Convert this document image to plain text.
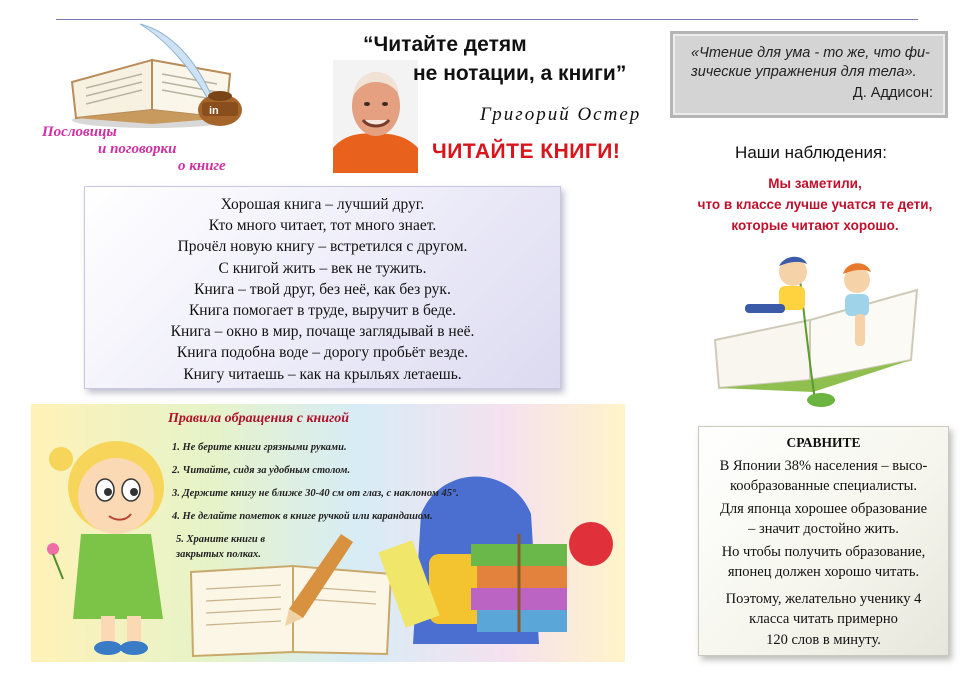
in
Пословицы
и поговорки
о книге
“Читайте детям
не нотации, а книги”
Григорий Остер
ЧИТАЙТЕ КНИГИ!
«Чтение для ума - то же, что фи-
зические упражнения для тела».
Д. Аддисон:
Наши наблюдения:
Мы заметили,
что в классе лучше учатся те дети,
которые читают хорошо.
Хорошая книга – лучший друг.
Кто много читает, тот много знает.
Прочёл новую книгу – встретился с другом.
С книгой жить – век не тужить.
Книга – твой друг, без неё, как без рук.
Книга помогает в труде, выручит в беде.
Книга – окно в мир, почаще заглядывай в неё.
Книга подобна воде – дорогу пробьёт везде.
Книгу читаешь – как на крыльях летаешь.
Правила обращения с книгой
1. Не берите книги грязными руками.
2. Читайте, сидя за удобным столом.
3. Держите книгу не ближе 30-40 см от глаз, с наклоном 45°.
4. Не делайте пометок в книге ручкой или карандашом.
5. Храните книги в
закрытых полках.
СРАВНИТЕ

В Японии 38% населения – высо-
кообразованные специалисты.

Для японца хорошее образование
– значит достойно жить.

Но чтобы получить образование,
японец должен хорошо читать.

Поэтому, желательно ученику 4
класса читать примерно
120 слов в минуту.
